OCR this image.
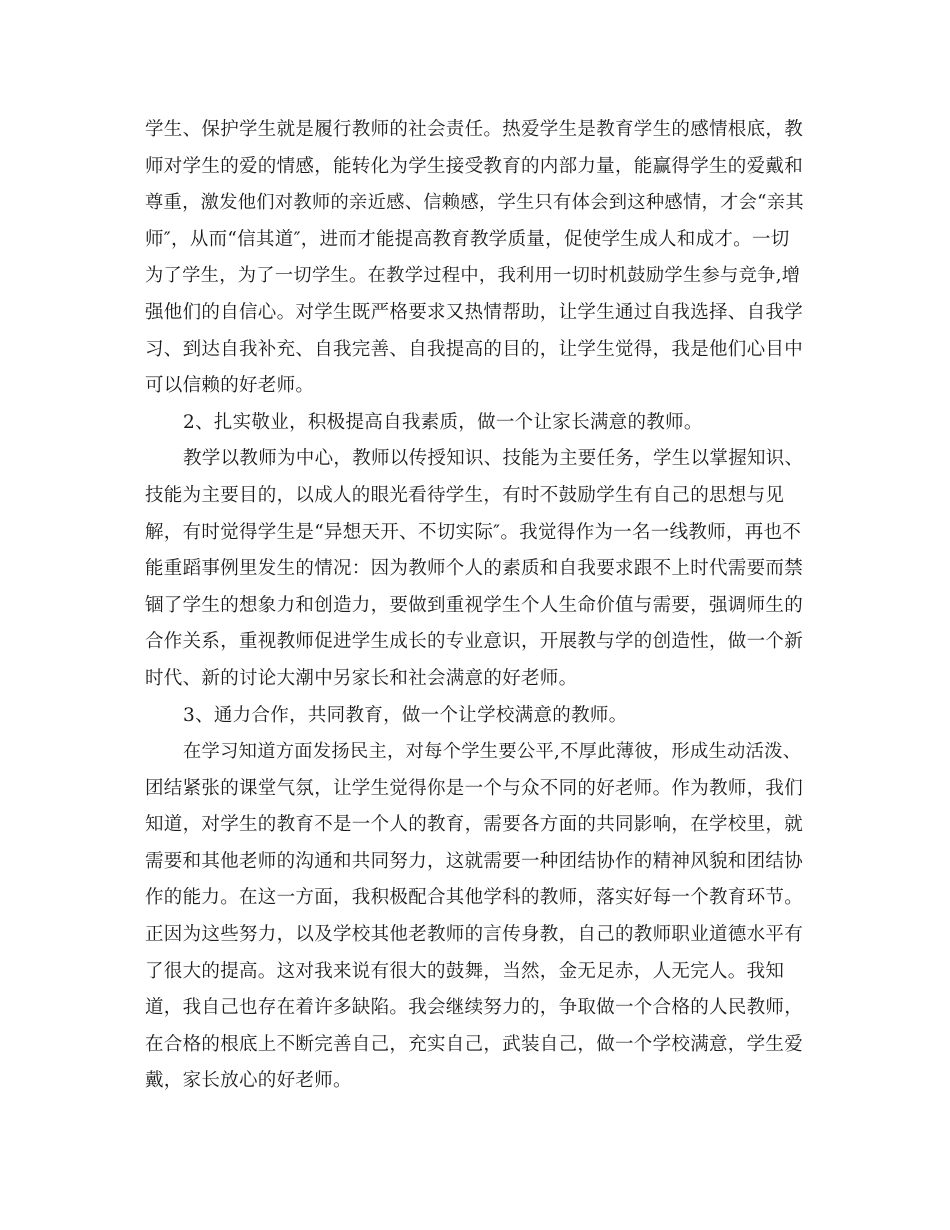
学生、保护学生就是履行教师的社会责任。热爱学生是教育学生的感情根底，教
师对学生的爱的情感，能转化为学生接受教育的内部力量，能赢得学生的爱戴和
尊重，激发他们对教师的亲近感、信赖感，学生只有体会到这种感情，才会“亲其
师″，从而“信其道″，进而才能提高教育教学质量，促使学生成人和成才。一切
为了学生，为了一切学生。在教学过程中，我利用一切时机鼓励学生参与竞争,增
强他们的自信心。对学生既严格要求又热情帮助，让学生通过自我选择、自我学
习、到达自我补充、自我完善、自我提高的目的，让学生觉得，我是他们心目中
可以信赖的好老师。
2、扎实敬业，积极提高自我素质，做一个让家长满意的教师。
教学以教师为中心，教师以传授知识、技能为主要任务，学生以掌握知识、
技能为主要目的，以成人的眼光看待学生，有时不鼓励学生有自己的思想与见
解，有时觉得学生是“异想天开、不切实际″。我觉得作为一名一线教师，再也不
能重蹈事例里发生的情况：因为教师个人的素质和自我要求跟不上时代需要而禁
锢了学生的想象力和创造力，要做到重视学生个人生命价值与需要，强调师生的
合作关系，重视教师促进学生成长的专业意识，开展教与学的创造性，做一个新
时代、新的讨论大潮中另家长和社会满意的好老师。
3、通力合作，共同教育，做一个让学校满意的教师。
在学习知道方面发扬民主，对每个学生要公平,不厚此薄彼，形成生动活泼、
团结紧张的课堂气氛，让学生觉得你是一个与众不同的好老师。作为教师，我们
知道，对学生的教育不是一个人的教育，需要各方面的共同影响，在学校里，就
需要和其他老师的沟通和共同努力，这就需要一种团结协作的精神风貌和团结协
作的能力。在这一方面，我积极配合其他学科的教师，落实好每一个教育环节。
正因为这些努力，以及学校其他老教师的言传身教，自己的教师职业道德水平有
了很大的提高。这对我来说有很大的鼓舞，当然，金无足赤，人无完人。我知
道，我自己也存在着许多缺陷。我会继续努力的，争取做一个合格的人民教师，
在合格的根底上不断完善自己，充实自己，武装自己，做一个学校满意，学生爱
戴，家长放心的好老师。
